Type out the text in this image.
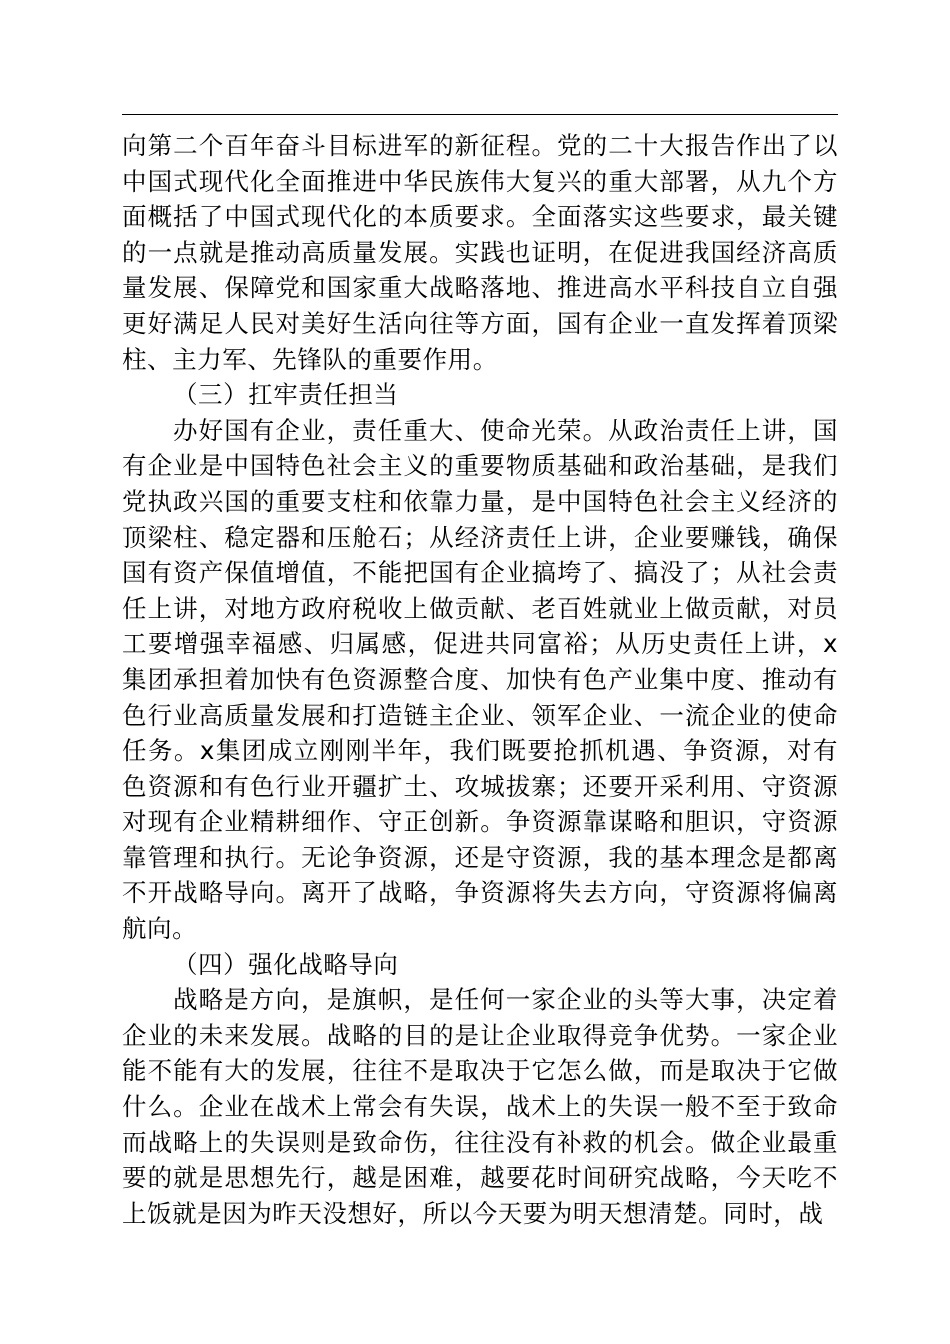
向第二个百年奋斗目标进军的新征程。党的二十大报告作出了以中国式现代化全面推进中华民族伟大复兴的重大部署，从九个方面概括了中国式现代化的本质要求。全面落实这些要求，最关键的一点就是推动高质量发展。实践也证明，在促进我国经济高质量发展、保障党和国家重大战略落地、推进高水平科技自立自强更好满足人民对美好生活向往等方面，国有企业一直发挥着顶梁柱、主力军、先锋队的重要作用。

（三）扛牢责任担当

办好国有企业，责任重大、使命光荣。从政治责任上讲，国有企业是中国特色社会主义的重要物质基础和政治基础，是我们党执政兴国的重要支柱和依靠力量，是中国特色社会主义经济的顶梁柱、稳定器和压舱石；从经济责任上讲，企业要赚钱，确保国有资产保值增值，不能把国有企业搞垮了、搞没了；从社会责任上讲，对地方政府税收上做贡献、老百姓就业上做贡献，对员工要增强幸福感、归属感，促进共同富裕；从历史责任上讲，x集团承担着加快有色资源整合度、加快有色产业集中度、推动有色行业高质量发展和打造链主企业、领军企业、一流企业的使命任务。x集团成立刚刚半年，我们既要抢抓机遇、争资源，对有色资源和有色行业开疆扩土、攻城拔寨；还要开采利用、守资源对现有企业精耕细作、守正创新。争资源靠谋略和胆识，守资源靠管理和执行。无论争资源，还是守资源，我的基本理念是都离不开战略导向。离开了战略，争资源将失去方向，守资源将偏离航向。

（四）强化战略导向

战略是方向，是旗帜，是任何一家企业的头等大事，决定着企业的未来发展。战略的目的是让企业取得竞争优势。一家企业能不能有大的发展，往往不是取决于它怎么做，而是取决于它做什么。企业在战术上常会有失误，战术上的失误一般不至于致命而战略上的失误则是致命伤，往往没有补救的机会。做企业最重要的就是思想先行，越是困难，越要花时间研究战略，今天吃不上饭就是因为昨天没想好，所以今天要为明天想清楚。同时，战
